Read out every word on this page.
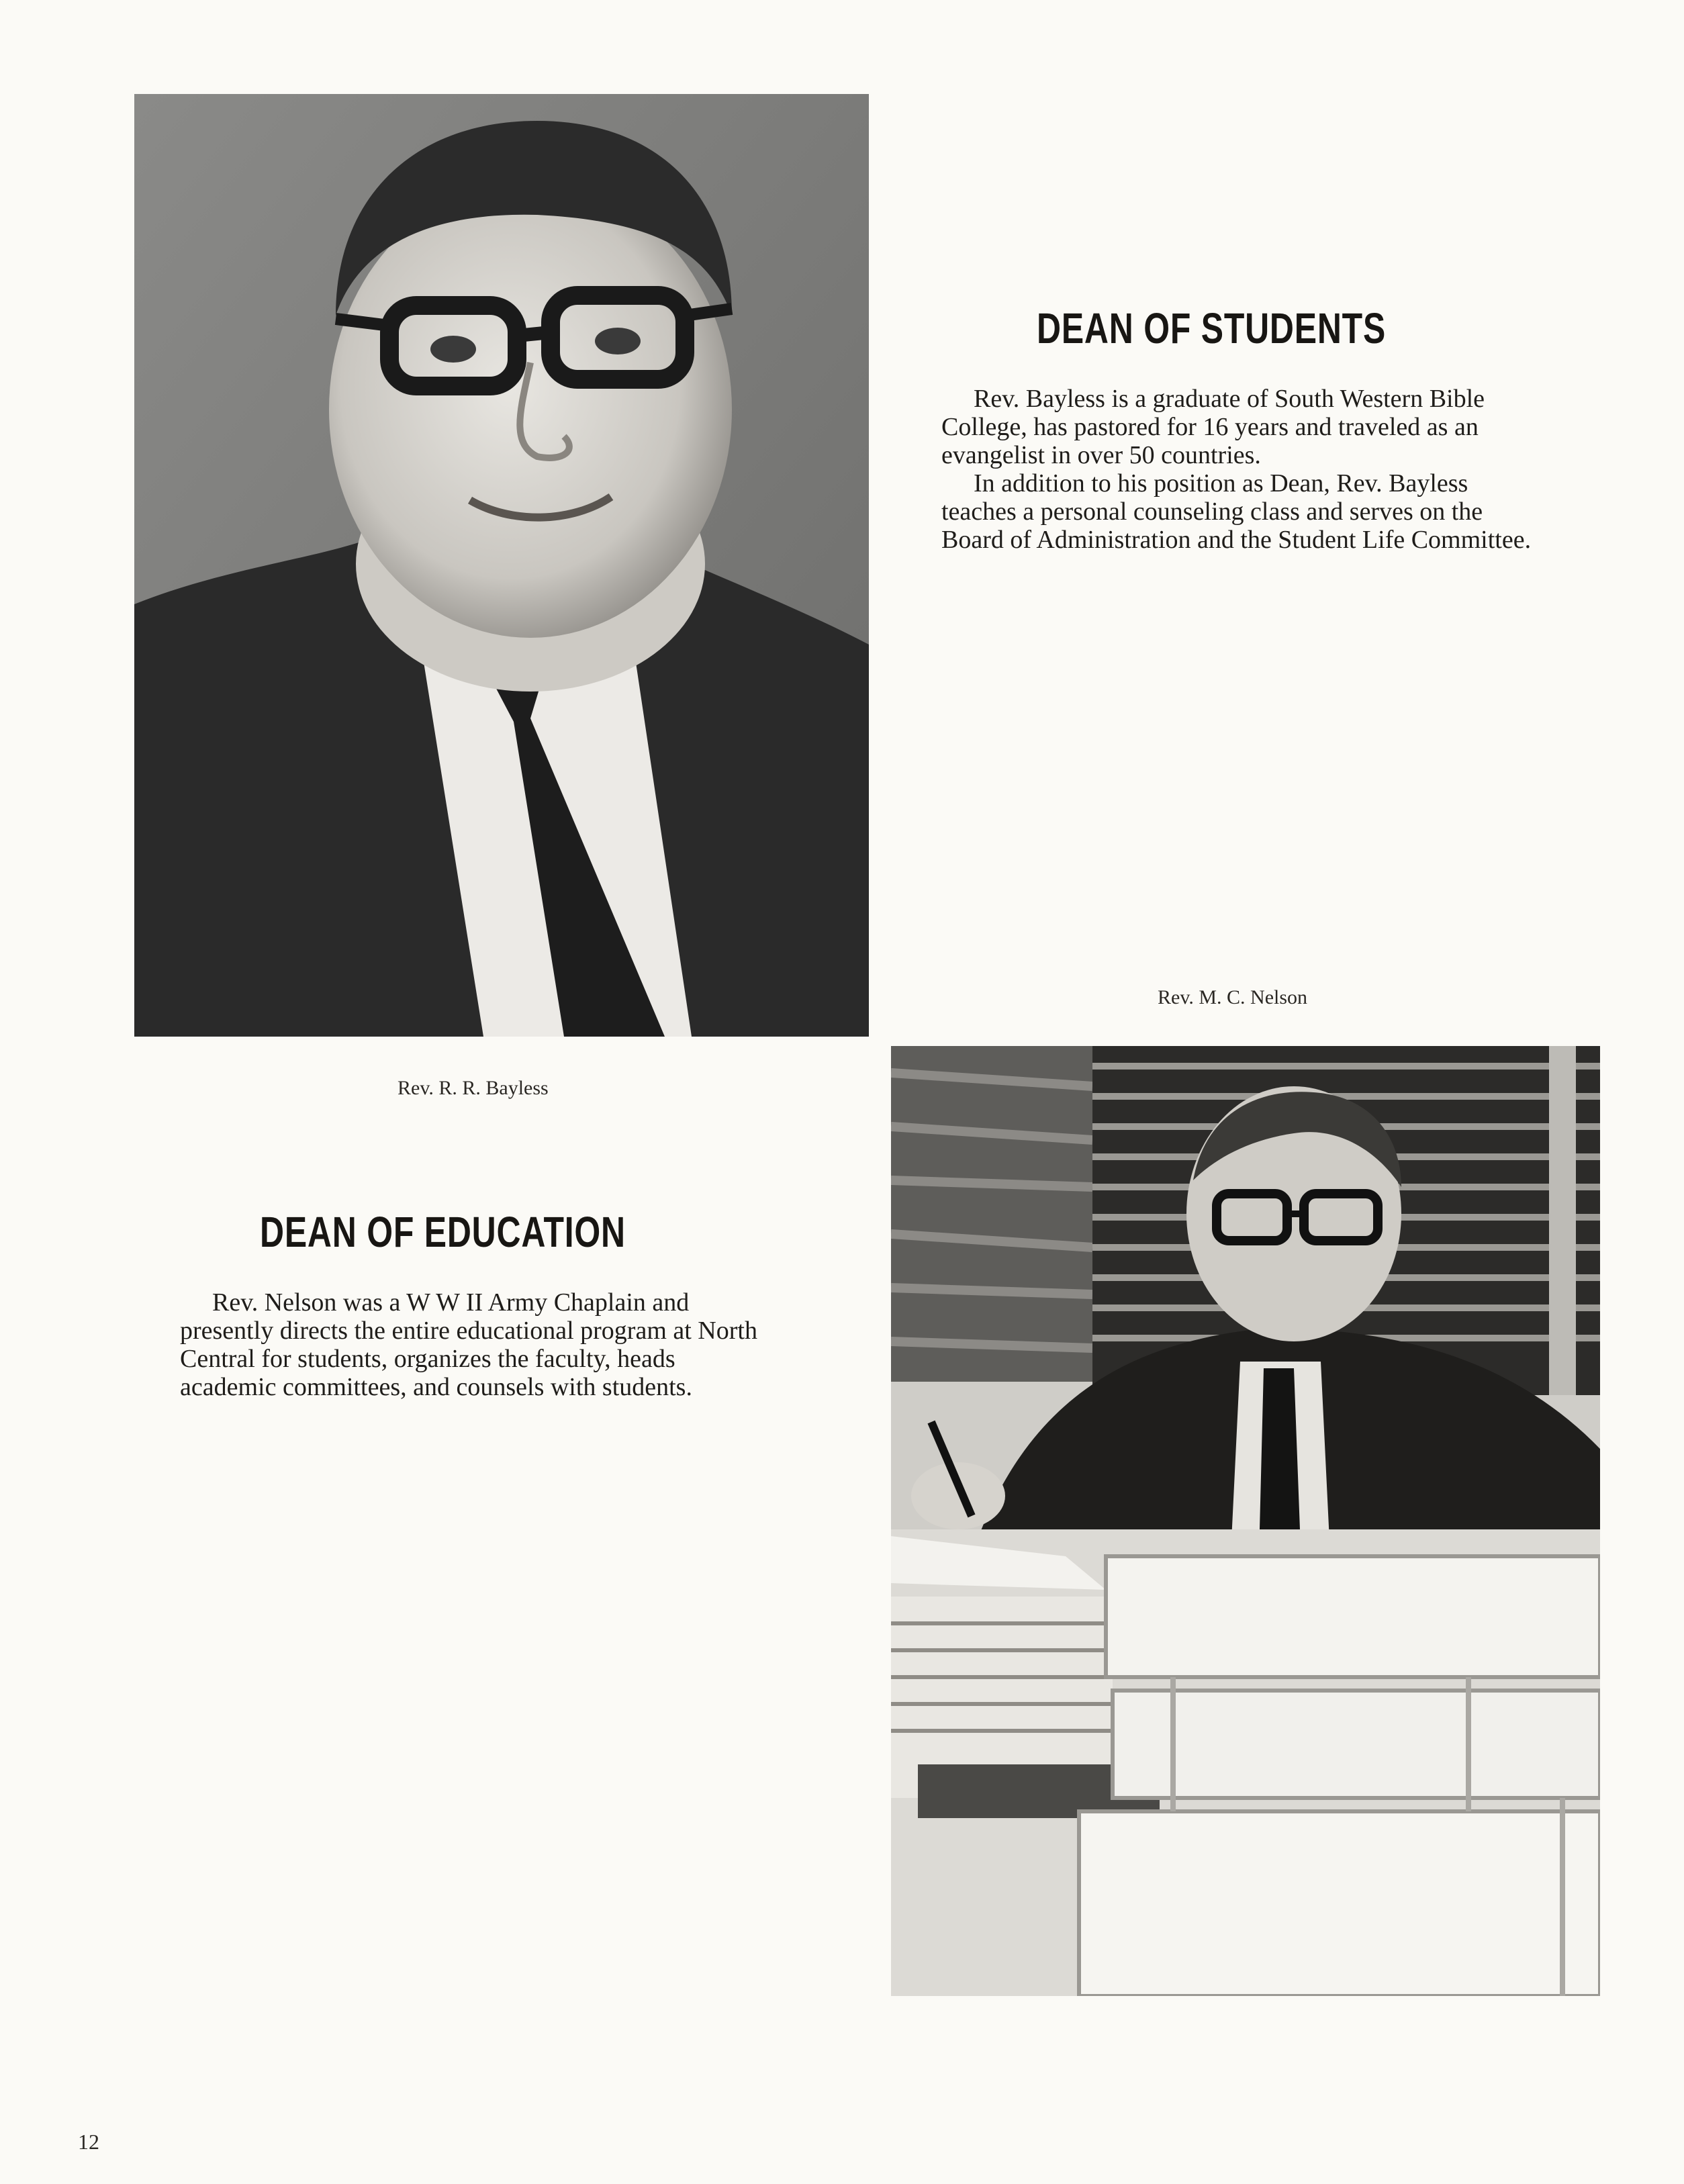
DEAN OF STUDENTS

Rev. Bayless is a graduate of South Western Bible College, has pastored for 16 years and traveled as an evangelist in over 50 countries.

In addition to his position as Dean, Rev. Bayless teaches a personal counseling class and serves on the Board of Administration and the Student Life Committee.

Rev. M. C. Nelson
Rev. R. R. Bayless
DEAN OF EDUCATION

Rev. Nelson was a W W II Army Chaplain and presently directs the entire educational program at North Central for students, organizes the faculty, heads academic committees, and counsels with students.

12
